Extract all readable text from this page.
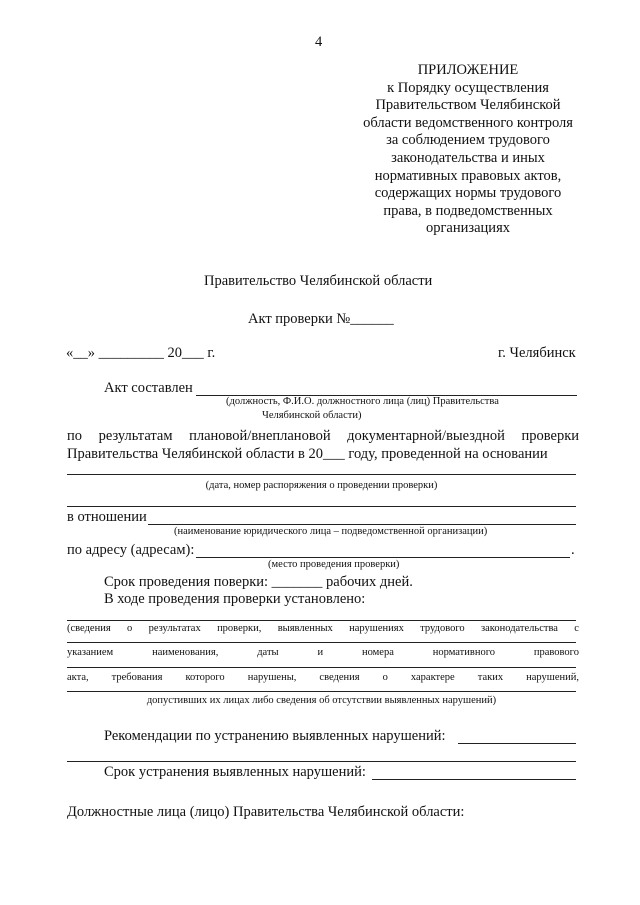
4
ПРИЛОЖЕНИЕ
к Порядку осуществления
Правительством Челябинской
области ведомственного контроля
за соблюдением трудового
законодательства и иных
нормативных правовых актов,
содержащих нормы трудового
права, в подведомственных
организациях
Правительство Челябинской области
Акт проверки №______
«__» _________ 20___ г.	г. Челябинск
Акт составлен
(должность, Ф.И.О. должностного лица (лиц) Правительства
Челябинской области)
по результатам плановой/внеплановой документарной/выездной проверки
Правительства Челябинской области в 20___ году, проведенной на основании
(дата, номер распоряжения о проведении проверки)
в отношении
(наименование юридического лица – подведомственной организации)
по адресу (адресам):	.
(место проведения проверки)
Срок проведения поверки: _______ рабочих дней.
В ходе проведения проверки установлено:
(сведения о результатах проверки, выявленных нарушениях трудового законодательства с
указанием	наименования,	даты	и	номера	нормативного	правового
акта, требования которого нарушены, сведения о характере таких нарушений,
допустивших их лицах либо сведения об отсутствии выявленных нарушений)
Рекомендации по устранению выявленных нарушений:
Срок устранения выявленных нарушений:
Должностные лица (лицо) Правительства Челябинской области:
